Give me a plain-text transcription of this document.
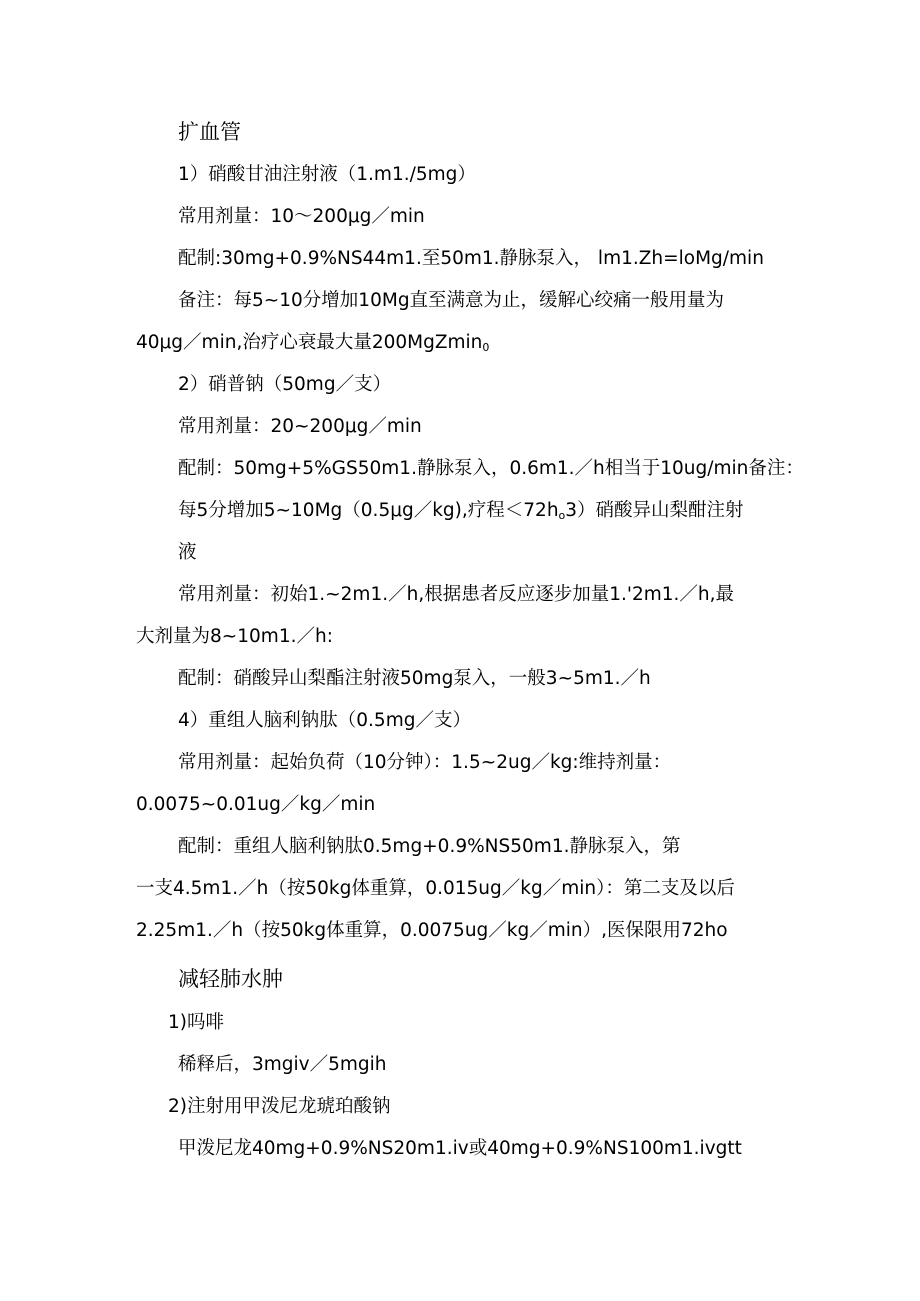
扩血管
1）硝酸甘油注射液（1.m1./5mg）
常用剂量：10～200μg／min
配制:30mg+0.9%NS44m1.至50m1.静脉泵入， lm1.Zh=loMg/min
备注：每5~10分增加10Mg直至满意为止，缓解心绞痛一般用量为
40μg／min,治疗心衰最大量200MgZmin$_0$
2）硝普钠（50mg／支）
常用剂量：20~200μg／min
配制：50mg+5%GS50m1.静脉泵入，0.6m1.／h相当于10ug/min备注：
每5分增加5~10Mg（0.5μg／kg),疗程$<72h_o3$）硝酸异山梨酣注射
液
常用剂量：初始1.~2m1.／h,根据患者反应逐步加量1.'2m1.／h,最
大剂量为8~10m1.／h:
配制：硝酸异山梨酯注射液50mg泵入，一般3~5m1.／h
4）重组人脑利钠肽（0.5mg／支）
常用剂量：起始负荷（10分钟）：1.5~2ug／kg:维持剂量：
0.0075~0.01ug／kg／min
配制：重组人脑利钠肽0.5mg+0.9%NS50m1.静脉泵入，第
一支4.5m1.／h（按50kg体重算，0.015ug／kg／min）：第二支及以后
2.25m1.／h（按50kg体重算，0.0075ug／kg／min）,医保限用72ho
减轻肺水肿
1)吗啡
稀释后，3mgiv／5mgih
2)注射用甲泼尼龙琥珀酸钠
甲泼尼龙40mg+0.9%NS20m1.iv或40mg+0.9%NS100m1.ivgtt
